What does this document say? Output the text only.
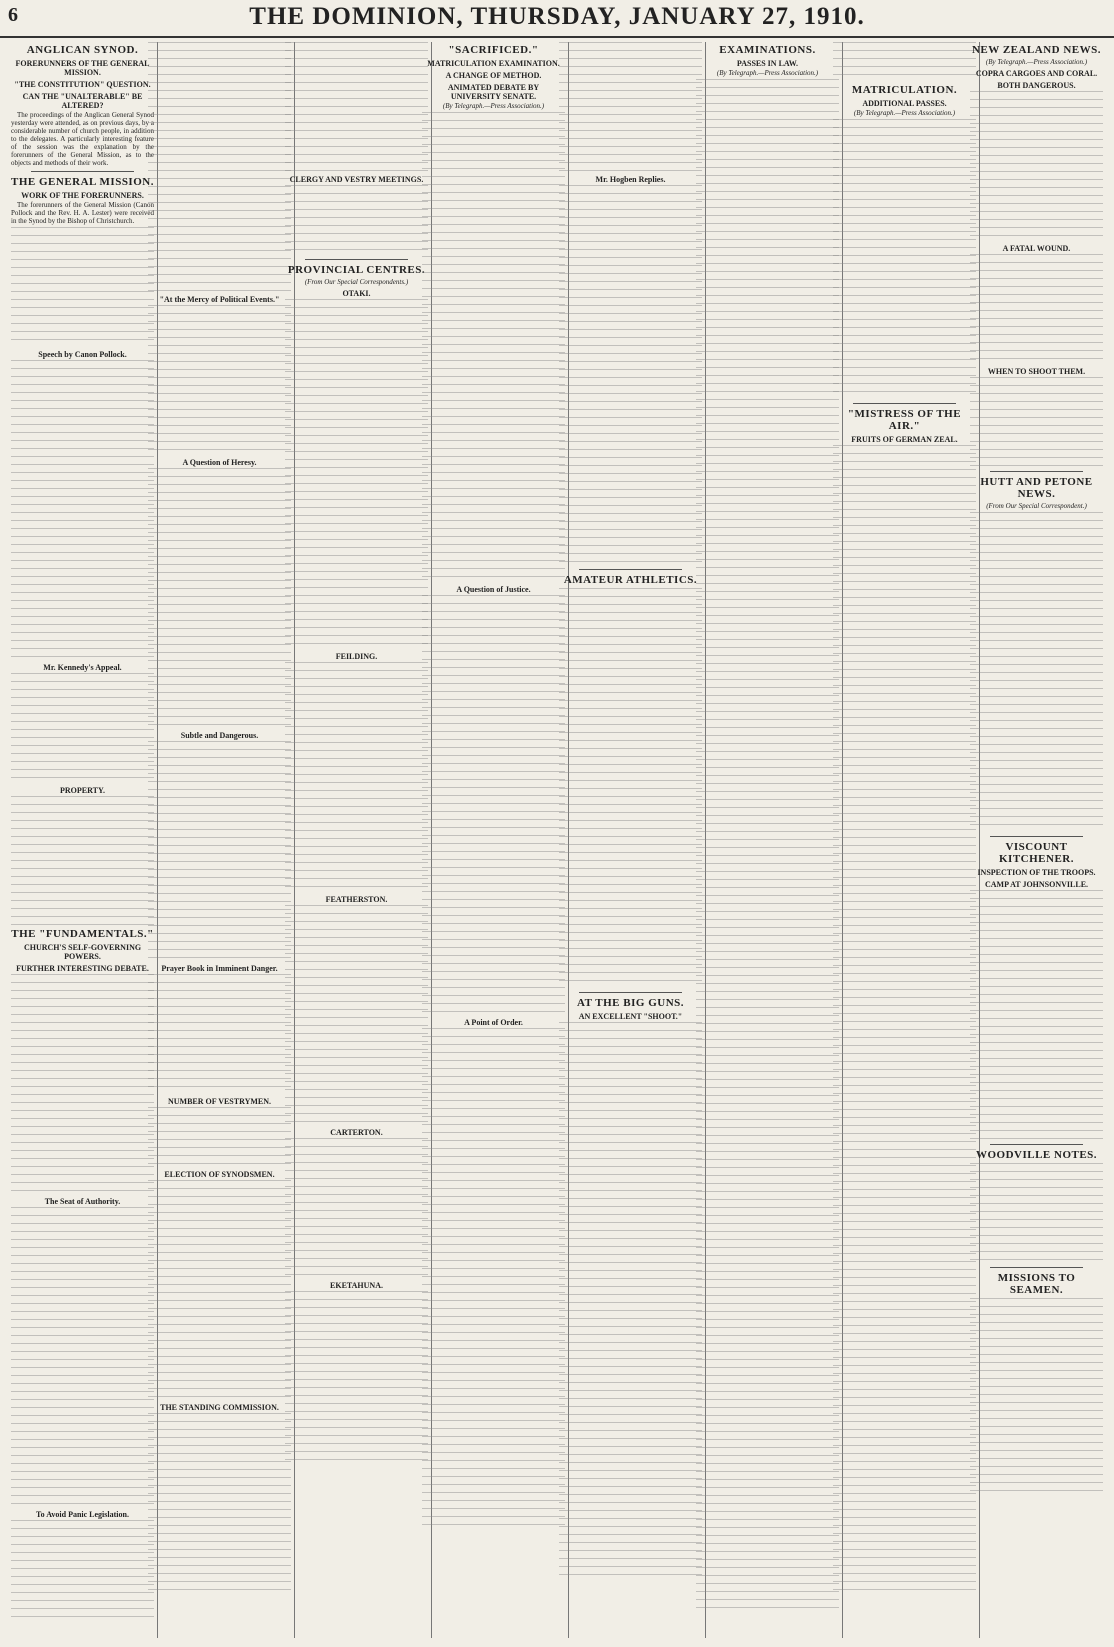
6	THE DOMINION, THURSDAY, JANUARY 27, 1910.
ANGLICAN SYNOD.
FORERUNNERS OF THE GENERAL MISSION.
"THE CONSTITUTION" QUESTION.
CAN THE "UNALTERABLE" BE ALTERED?

The proceedings of the Anglican General Synod yesterday were attended, as on previous days, by a considerable number of church people, in addition to the delegates. A particularly interesting feature of the session was the explanation by the forerunners of the General Mission, as to the objects and methods of their work.

THE GENERAL MISSION.
WORK OF THE FORERUNNERS.

The forerunners of the General Mission (Canon Pollock and the Rev. H. A. Lester) were received in the Synod by the Bishop of Christchurch.

Speech by Canon Pollock.
Mr. Kennedy's Appeal.
PROPERTY.
THE "FUNDAMENTALS."
CHURCH'S SELF-GOVERNING POWERS.
FURTHER INTERESTING DEBATE.
The Seat of Authority.
To Avoid Panic Legislation.
"At the Mercy of Political Events."
A Question of Heresy.
Subtle and Dangerous.
Prayer Book in Imminent Danger.
NUMBER OF VESTRYMEN.
ELECTION OF SYNODSMEN.
THE STANDING COMMISSION.
CLERGY AND VESTRY MEETINGS.
PROVINCIAL CENTRES.
(From Our Special Correspondents.)
OTAKI.
FEILDING.
FEATHERSTON.
CARTERTON.
EKETAHUNA.
"SACRIFICED."
MATRICULATION EXAMINATION.
A CHANGE OF METHOD.
ANIMATED DEBATE BY UNIVERSITY SENATE.
(By Telegraph.—Press Association.)
A Question of Justice.
A Point of Order.
Mr. Hogben Replies.
AMATEUR ATHLETICS.
AT THE BIG GUNS.
AN EXCELLENT "SHOOT."
EXAMINATIONS.
PASSES IN LAW.
(By Telegraph.—Press Association.)
MATRICULATION.
ADDITIONAL PASSES.
(By Telegraph.—Press Association.)
"MISTRESS OF THE AIR."
FRUITS OF GERMAN ZEAL.
NEW ZEALAND NEWS.
(By Telegraph.—Press Association.)
COPRA CARGOES AND CORAL.
BOTH DANGEROUS.
A FATAL WOUND.
WHEN TO SHOOT THEM.
HUTT AND PETONE NEWS.
(From Our Special Correspondent.)
VISCOUNT KITCHENER.
INSPECTION OF THE TROOPS.
CAMP AT JOHNSONVILLE.
WOODVILLE NOTES.
MISSIONS TO SEAMEN.
